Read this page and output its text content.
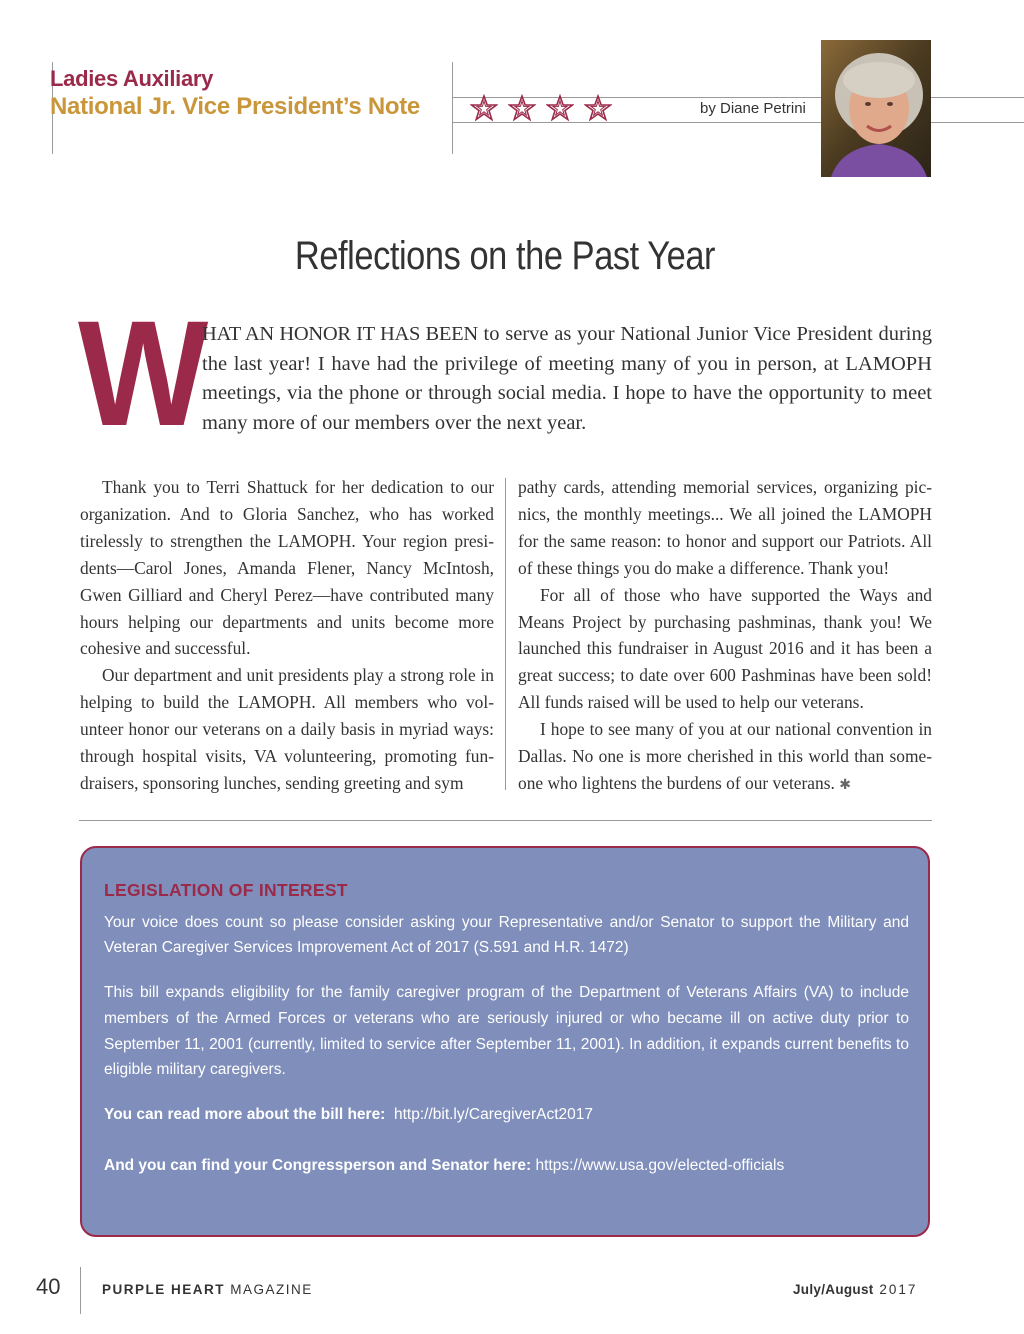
Ladies Auxiliary
National Jr. Vice President’s Note	by Diane Petrini
Reflections on the Past Year
W HAT AN HONOR IT HAS BEEN to serve as your National Junior Vice President during the last year! I have had the privilege of meeting many of you in person, at LAMOPH meetings, via the phone or through social media. I hope to have the opportunity to meet many more of our members over the next year.

Thank you to Terri Shattuck for her dedication to our organization. And to Gloria Sanchez, who has worked tirelessly to strengthen the LAMOPH. Your region presidents—Carol Jones, Amanda Flener, Nancy McIntosh, Gwen Gilliard and Cheryl Perez—have contributed many hours helping our departments and units become more cohesive and successful.

Our department and unit presidents play a strong role in helping to build the LAMOPH. All members who volunteer honor our veterans on a daily basis in myriad ways: through hospital visits, VA volunteering, promoting fundraisers, sponsoring lunches, sending greeting and sym

pathy cards, attending memorial services, organizing picnics, the monthly meetings... We all joined the LAMOPH for the same reason: to honor and support our Patriots. All of these things you do make a difference. Thank you!

For all of those who have supported the Ways and Means Project by purchasing pashminas, thank you! We launched this fundraiser in August 2016 and it has been a great success; to date over 600 Pashminas have been sold! All funds raised will be used to help our veterans.

I hope to see many of you at our national convention in Dallas. No one is more cherished in this world than someone who lightens the burdens of our veterans. ✱

LEGISLATION OF INTEREST

Your voice does count so please consider asking your Representative and/or Senator to support the Military and Veteran Caregiver Services Improvement Act of 2017 (S.591 and H.R. 1472)

This bill expands eligibility for the family caregiver program of the Department of Veterans Affairs (VA) to include members of the Armed Forces or veterans who are seriously injured or who became ill on active duty prior to September 11, 2001 (currently, limited to service after September 11, 2001). In addition, it expands current benefits to eligible military caregivers.

You can read more about the bill here: http://bit.ly/CaregiverAct2017

And you can find your Congressperson and Senator here: https://www.usa.gov/elected-officials

40	PURPLE HEART MAGAZINE	July/August 2017
